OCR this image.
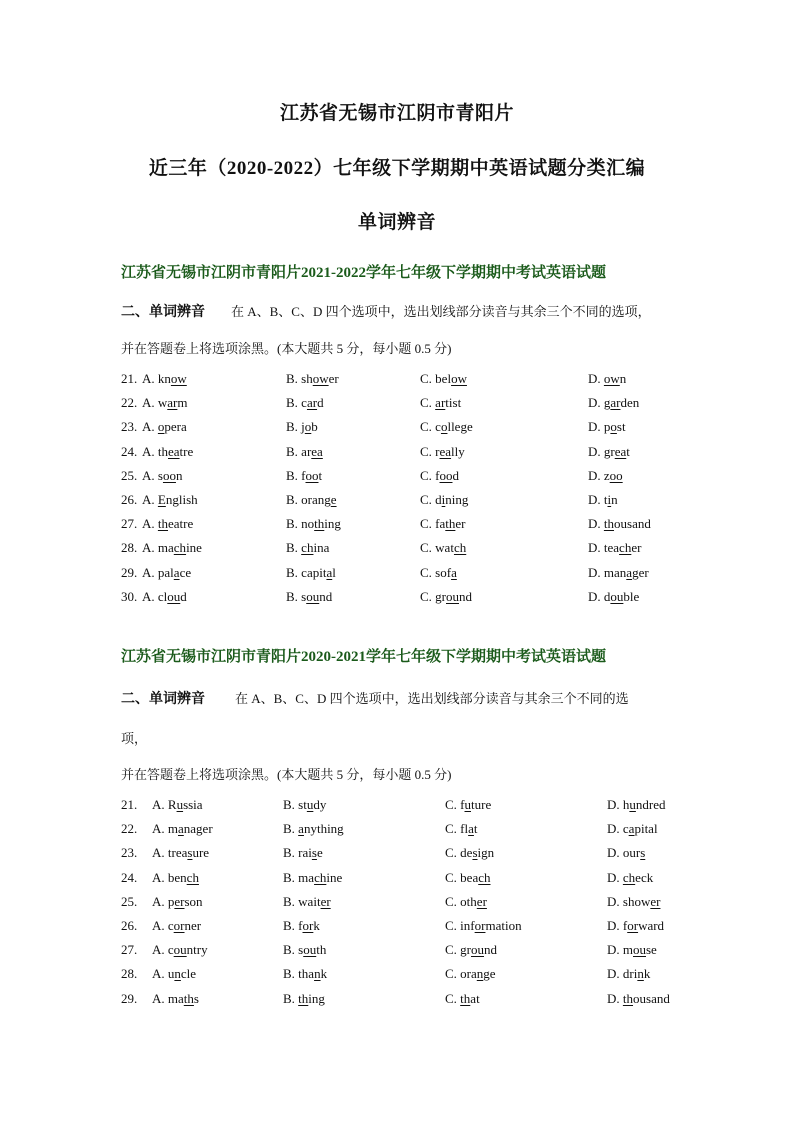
江苏省无锡市江阴市青阳片
近三年（2020-2022）七年级下学期期中英语试题分类汇编
单词辨音
江苏省无锡市江阴市青阳片2021-2022学年七年级下学期期中考试英语试题
二、单词辨音 在 A、B、C、D 四个选项中，选出划线部分读音与其余三个不同的选项，
并在答题卷上将选项涂黑。(本大题共 5 分，每小题 0.5 分)
21. A. know	B. shower	C. below	D. own
22. A. warm	B. card	C. artist	D. garden
23. A. opera	B. job	C. college	D. post
24. A. theatre	B. area	C. really	D. great
25. A. soon	B. foot	C. food	D. zoo
26. A. English	B. orange	C. dining	D. tin
27. A. theatre	B. nothing	C. father	D. thousand
28. A. machine	B. china	C. watch	D. teacher
29. A. palace	B. capital	C. sofa	D. manager
30. A. cloud	B. sound	C. ground	D. double
江苏省无锡市江阴市青阳片2020-2021学年七年级下学期期中考试英语试题
二、单词辨音 在 A、B、C、D 四个选项中，选出划线部分读音与其余三个不同的选
项，
并在答题卷上将选项涂黑。(本大题共 5 分，每小题 0.5 分)
21. A. Russia	B. study	C. future	D. hundred
22. A. manager	B. anything	C. flat	D. capital
23. A. treasure	B. raise	C. design	D. ours
24. A. bench	B. machine	C. beach	D. check
25. A. person	B. waiter	C. other	D. shower
26. A. corner	B. fork	C. information	D. forward
27. A. country	B. south	C. ground	D. mouse
28. A. uncle	B. thank	C. orange	D. drink
29. A. maths	B. thing	C. that	D. thousand
